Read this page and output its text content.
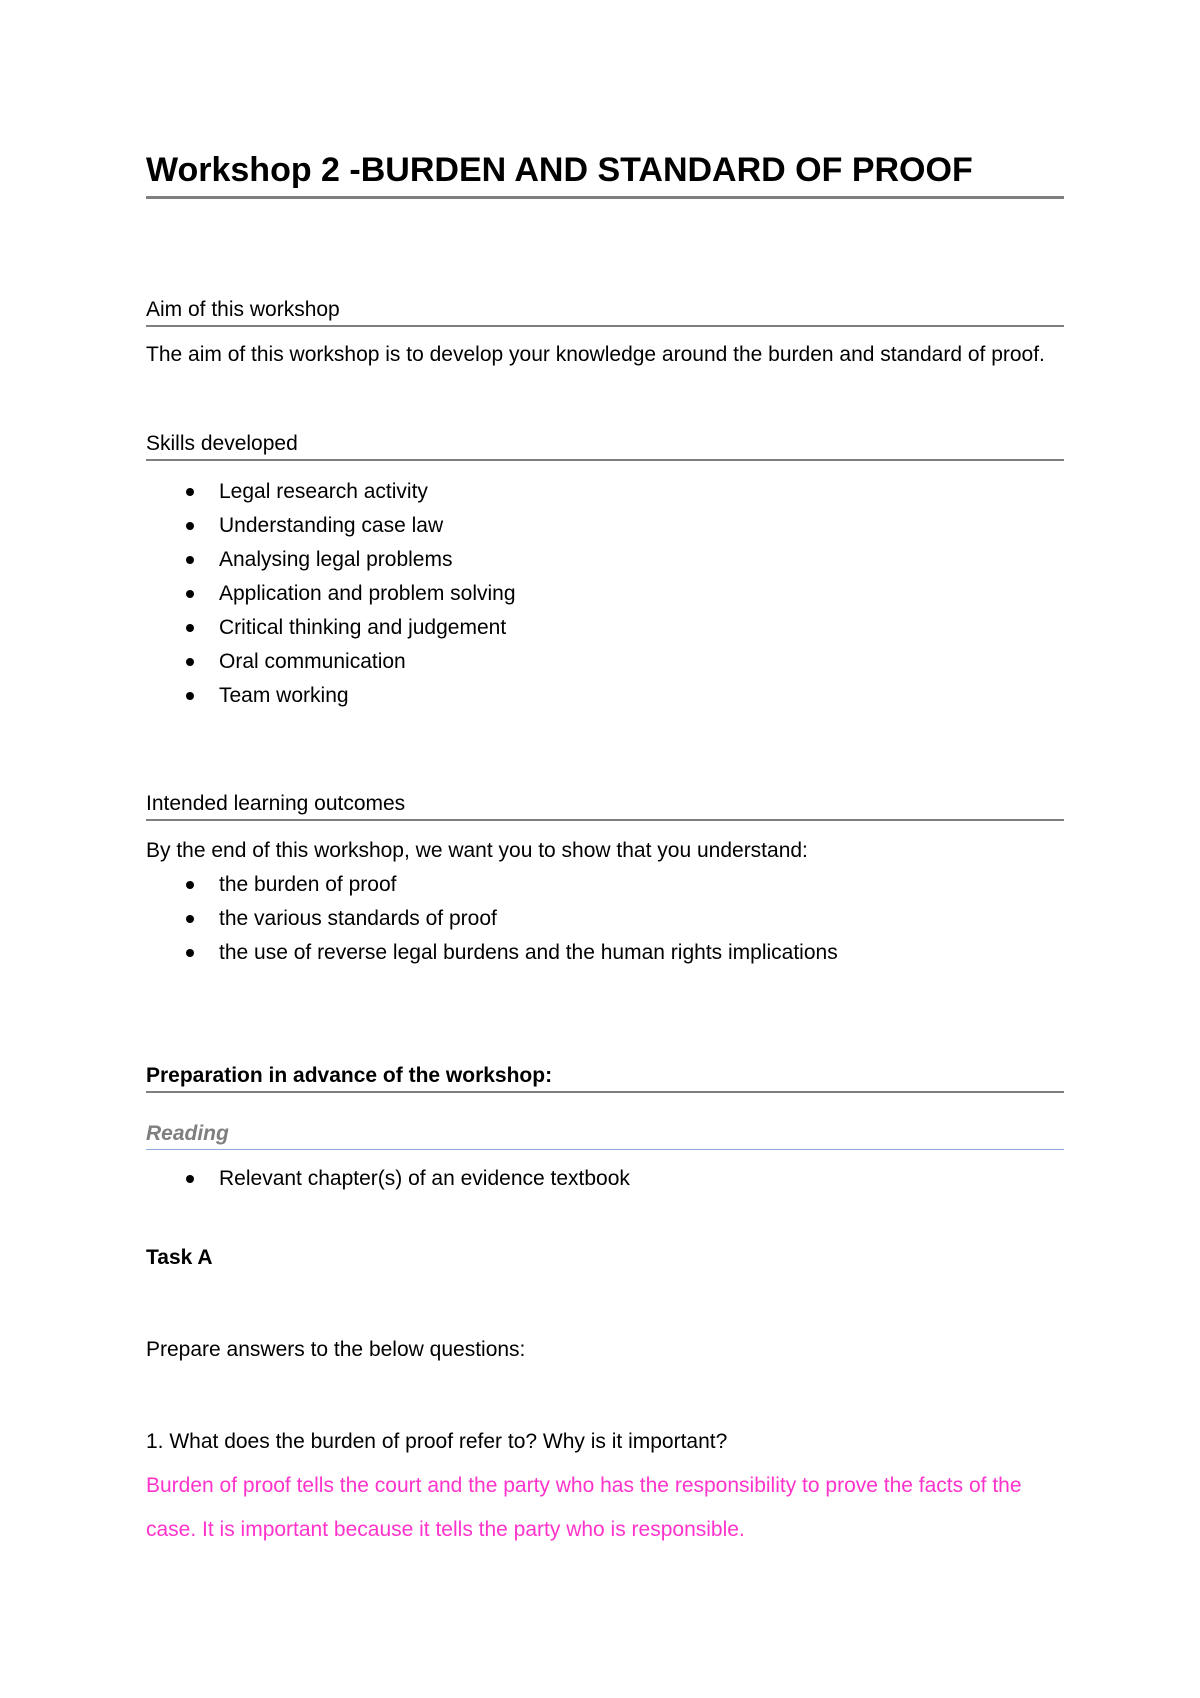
Workshop 2 -BURDEN AND STANDARD OF PROOF
Aim of this workshop
The aim of this workshop is to develop your knowledge around the burden and standard of proof.
Skills developed
Legal research activity
Understanding case law
Analysing legal problems
Application and problem solving
Critical thinking and judgement
Oral communication
Team working
Intended learning outcomes
By the end of this workshop, we want you to show that you understand:
the burden of proof
the various standards of proof
the use of reverse legal burdens and the human rights implications
Preparation in advance of the workshop:
Reading
Relevant chapter(s) of an evidence textbook
Task A
Prepare answers to the below questions:
1. What does the burden of proof refer to? Why is it important?
Burden of proof tells the court and the party who has the responsibility to prove the facts of the case. It is important because it tells the party who is responsible.
